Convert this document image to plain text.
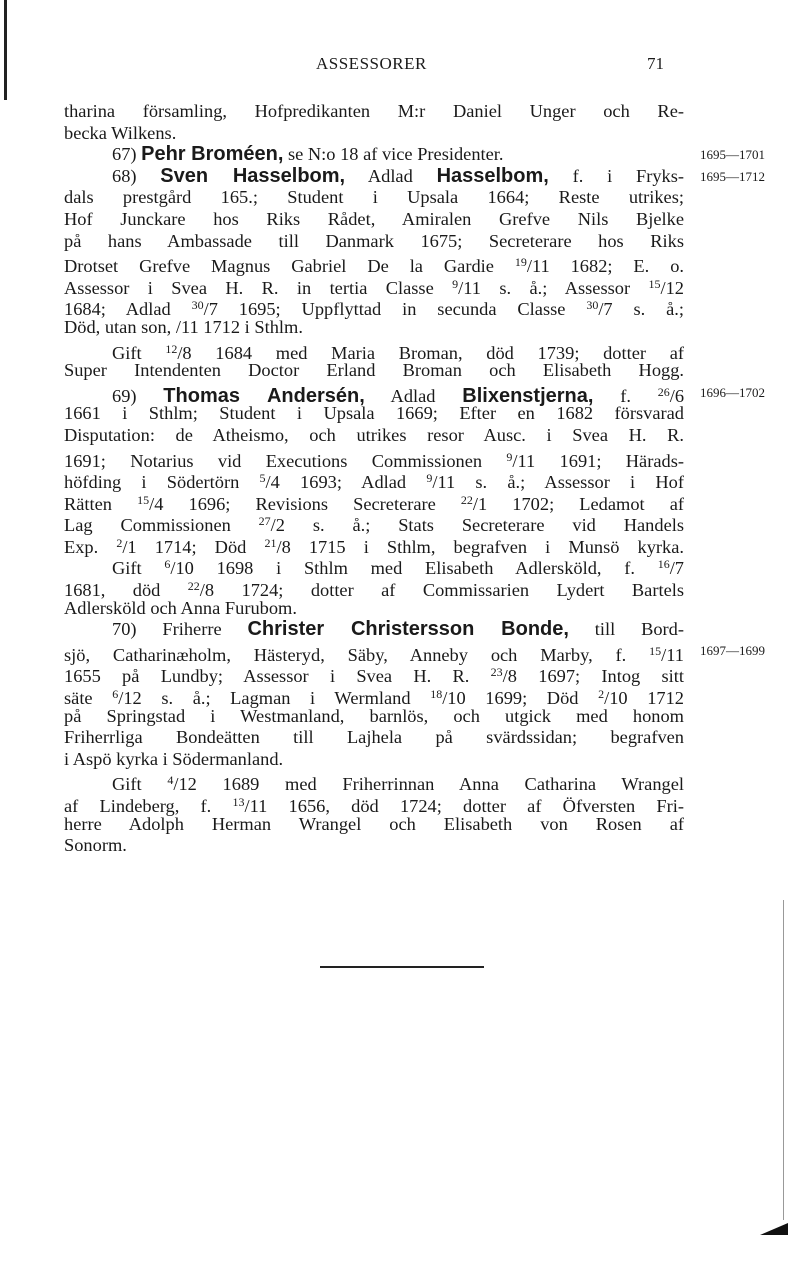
ASSESSORER	71
tharina församling, Hofpredikanten M:r Daniel Unger och Re-
becka Wilkens.
67) Pehr Broméen, se N:o 18 af vice Presidenter.
68) Sven Hasselbom, Adlad Hasselbom, f. i Fryks-
dals prestgård 165.; Student i Upsala 1664; Reste utrikes;
Hof Junckare hos Riks Rådet, Amiralen Grefve Nils Bjelke
på hans Ambassade till Danmark 1675; Secreterare hos Riks
Drotset Grefve Magnus Gabriel De la Gardie $^{19}$/11 1682; E. o.
Assessor i Svea H. R. in tertia Classe $^9$/11 s. å.; Assessor $^{15}$/12
1684; Adlad $^{30}$/7 1695; Uppflyttad in secunda Classe $^{30}$/7 s. å.;
Död, utan son, /11 1712 i Sthlm.
Gift $^{12}$/8 1684 med Maria Broman, död 1739; dotter af
Super Intendenten Doctor Erland Broman och Elisabeth Hogg.
69) Thomas Andersén, Adlad Blixenstjerna, f. $^{26}$/6
1661 i Sthlm; Student i Upsala 1669; Efter en 1682 försvarad
Disputation: de Atheismo, och utrikes resor Ausc. i Svea H. R.
1691; Notarius vid Executions Commissionen $^9$/11 1691; Härads-
höfding i Södertörn $^5$/4 1693; Adlad $^9$/11 s. å.; Assessor i Hof
Rätten $^{15}$/4 1696; Revisions Secreterare $^{22}$/1 1702; Ledamot af
Lag Commissionen $^{27}$/2 s. å.; Stats Secreterare vid Handels
Exp. $^2$/1 1714; Död $^{21}$/8 1715 i Sthlm, begrafven i Munsö kyrka.
Gift $^6$/10 1698 i Sthlm med Elisabeth Adlersköld, f. $^{16}$/7
1681, död $^{22}$/8 1724; dotter af Commissarien Lydert Bartels
Adlersköld och Anna Furubom.
70) Friherre Christer Christersson Bonde, till Bord-
sjö, Catharinæholm, Hästeryd, Säby, Anneby och Marby, f. $^{15}$/11
1655 på Lundby; Assessor i Svea H. R. $^{23}$/8 1697; Intog sitt
säte $^6$/12 s. å.; Lagman i Wermland $^{18}$/10 1699; Död $^2$/10 1712
på Springstad i Westmanland, barnlös, och utgick med honom
Friherrliga Bondeätten till Lajhela på svärdssidan; begrafven
i Aspö kyrka i Södermanland.
Gift $^4$/12 1689 med Friherrinnan Anna Catharina Wrangel
af Lindeberg, f. $^{13}$/11 1656, död 1724; dotter af Öfversten Fri-
herre Adolph Herman Wrangel och Elisabeth von Rosen af
Sonorm.
1695—1701
1695—1712
1696—1702
1697—1699
